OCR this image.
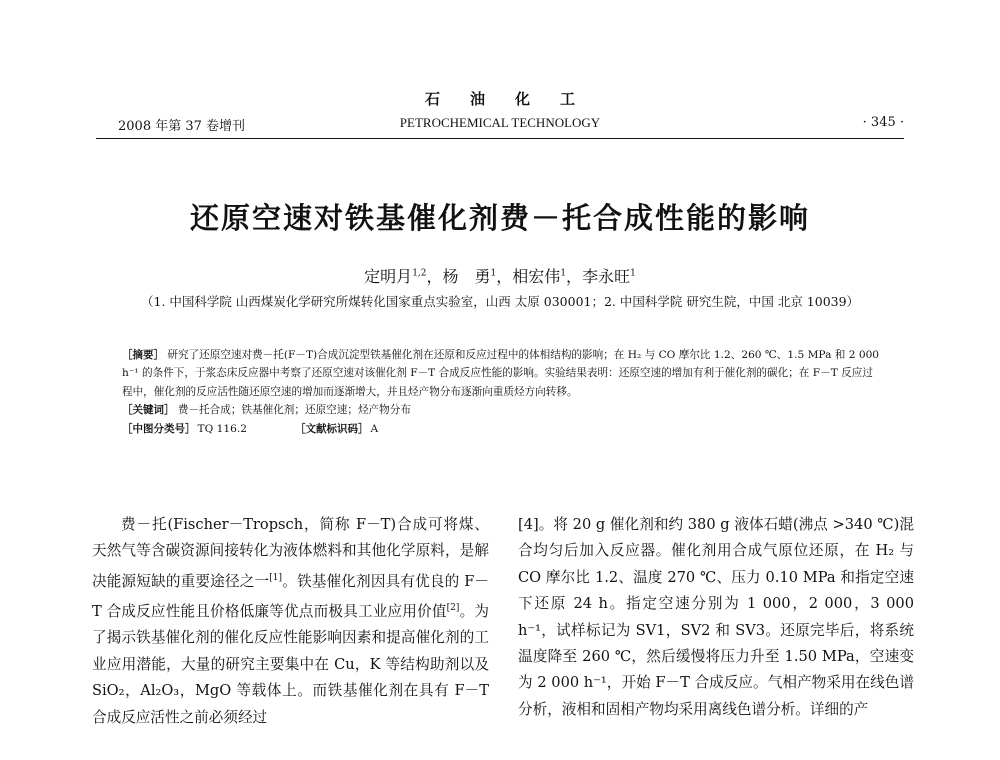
石油化工
2008 年第 37 卷增刊	PETROCHEMICAL TECHNOLOGY	· 345 ·
还原空速对铁基催化剂费－托合成性能的影响
定明月$^{1,2}$，杨　勇$^1$，相宏伟$^1$，李永旺$^1$
（1. 中国科学院 山西煤炭化学研究所煤转化国家重点实验室，山西 太原 030001；2. 中国科学院 研究生院，中国 北京 10039）

［摘要］ 研究了还原空速对费－托(F－T)合成沉淀型铁基催化剂在还原和反应过程中的体相结构的影响；在 H₂ 与 CO 摩尔比 1.2、260 ℃、1.5 MPa 和 2 000 h⁻¹ 的条件下，于浆态床反应器中考察了还原空速对该催化剂 F－T 合成反应性能的影响。实验结果表明：还原空速的增加有利于催化剂的碳化；在 F－T 反应过程中，催化剂的反应活性随还原空速的增加而逐渐增大，并且烃产物分布逐渐向重质烃方向转移。

［关键词］ 费－托合成；铁基催化剂；还原空速；烃产物分布

［中图分类号］ TQ 116.2	［文献标识码］ A

费－托(Fischer－Tropsch，简称 F－T)合成可将煤、天然气等含碳资源间接转化为液体燃料和其他化学原料，是解决能源短缺的重要途径之一[1]。铁基催化剂因具有优良的 F－T 合成反应性能且价格低廉等优点而极具工业应用价值[2]。为了揭示铁基催化剂的催化反应性能影响因素和提高催化剂的工业应用潜能，大量的研究主要集中在 Cu，K 等结构助剂以及 SiO₂，Al₂O₃，MgO 等载体上。而铁基催化剂在具有 F－T 合成反应活性之前必须经过

[4]。将 20 g 催化剂和约 380 g 液体石蜡(沸点 >340 ℃)混合均匀后加入反应器。催化剂用合成气原位还原，在 H₂ 与 CO 摩尔比 1.2、温度 270 ℃、压力 0.10 MPa 和指定空速下还原 24 h。指定空速分别为 1 000，2 000，3 000 h⁻¹，试样标记为 SV1，SV2 和 SV3。还原完毕后，将系统温度降至 260 ℃，然后缓慢将压力升至 1.50 MPa，空速变为 2 000 h⁻¹，开始 F－T 合成反应。气相产物采用在线色谱分析，液相和固相产物均采用离线色谱分析。详细的产
